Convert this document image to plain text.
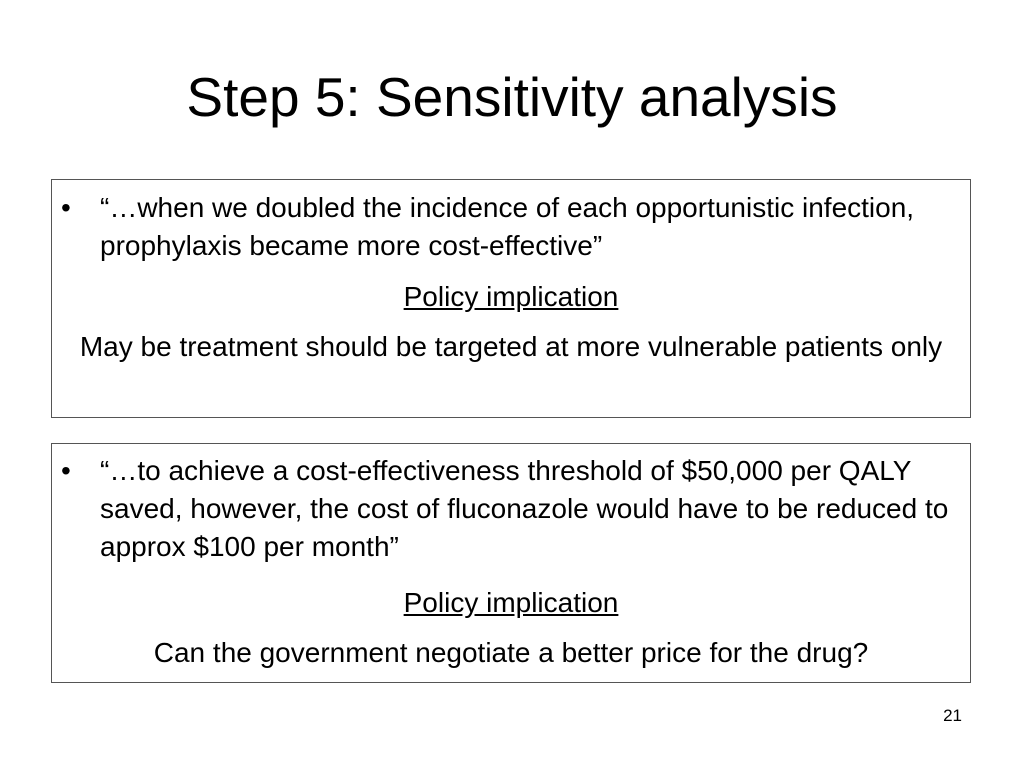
Step 5: Sensitivity analysis
•	“…when we doubled the incidence of each opportunistic infection, prophylaxis became more cost-effective”

Policy implication

May be treatment should be targeted at more vulnerable patients only

•	“…to achieve a cost-effectiveness threshold of $50,000 per QALY saved, however, the cost of fluconazole would have to be reduced to approx $100 per month”

Policy implication

Can the government negotiate a better price for the drug?

21
